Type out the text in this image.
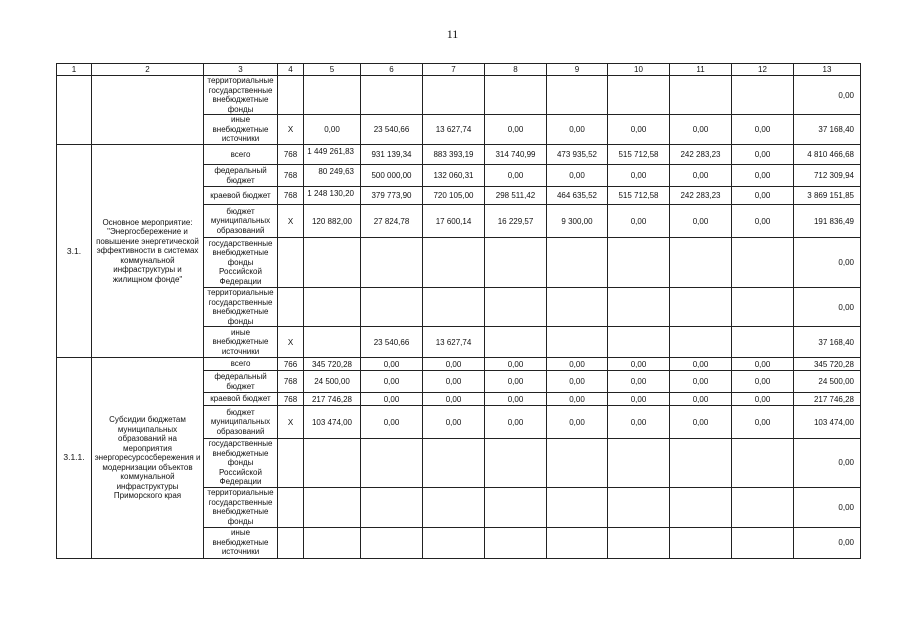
11
1	2	3	4	5	6	7	8	9	10	11	12	13
		территориальные государственные внебюджетные фонды										0,00
		иные внебюджетные источники	X	0,00	23 540,66	13 627,74	0,00	0,00	0,00	0,00	0,00	37 168,40
3.1.	Основное мероприятие: "Энергосбережение и повышение энергетической эффективности в системах коммунальной инфраструктуры и жилищном фонде"	всего	768	1 449 261,83	931 139,34	883 393,19	314 740,99	473 935,52	515 712,58	242 283,23	0,00	4 810 466,68
		федеральный бюджет	768	80 249,63	500 000,00	132 060,31	0,00	0,00	0,00	0,00	0,00	712 309,94
		краевой бюджет	768	1 248 130,20	379 773,90	720 105,00	298 511,42	464 635,52	515 712,58	242 283,23	0,00	3 869 151,85
		бюджет муниципальных образований	X	120 882,00	27 824,78	17 600,14	16 229,57	9 300,00	0,00	0,00	0,00	191 836,49
		государственные внебюджетные фонды Российской Федерации										0,00
		территориальные государственные внебюджетные фонды										0,00
		иные внебюджетные источники	X		23 540,66	13 627,74						37 168,40
3.1.1.	Субсидии бюджетам муниципальных образований на мероприятия энергоресурсосбережения и модернизации объектов коммунальной инфраструктуры Приморского края	всего	766	345 720,28	0,00	0,00	0,00	0,00	0,00	0,00	0,00	345 720,28
		федеральный бюджет	768	24 500,00	0,00	0,00	0,00	0,00	0,00	0,00	0,00	24 500,00
		краевой бюджет	768	217 746,28	0,00	0,00	0,00	0,00	0,00	0,00	0,00	217 746,28
		бюджет муниципальных образований	X	103 474,00	0,00	0,00	0,00	0,00	0,00	0,00	0,00	103 474,00
		государственные внебюджетные фонды Российской Федерации										0,00
		территориальные государственные внебюджетные фонды										0,00
		иные внебюджетные источники										0,00
